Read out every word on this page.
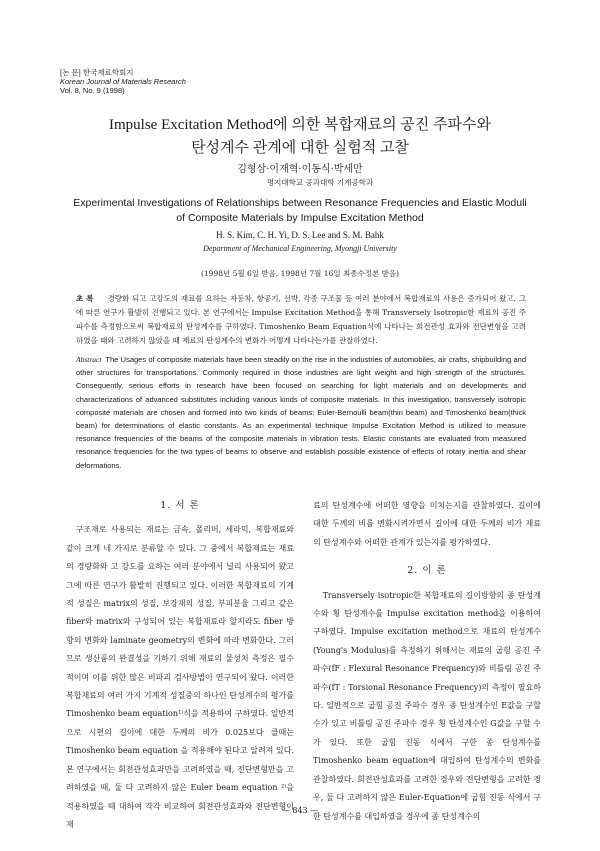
[논 문] 한국재료학회지
Korean Journal of Materials Research
Vol. 8, No. 9 (1998)
Impulse Excitation Method에 의한 복합재료의 공진 주파수와
탄성계수 관계에 대한 실험적 고찰
김형삼·이재혁·이동식·박세만
명지대학교 공과대학 기계공학과
Experimental Investigations of Relationships between Resonance Frequencies and Elastic Moduli
of Composite Materials by Impulse Excitation Method
H. S. Kim, C. H. Yi, D. S. Lee and S. M. Bahk
Department of Mechanical Engineering, Myongji University
(1998년 5월 6일 받음, 1998년 7월 16일 최종수정본 받음)
초 록 경량화 되고 고강도의 재료를 요하는 자동차, 항공기, 선박, 각종 구조물 등 여러 분야에서 복합재료의 사용은 증가되어 왔고, 그에 따른 연구가 활발히 진행되고 있다. 본 연구에서는 Impulse Excitation Method을 통해 Transversely Isotropic한 재료의 공진 주파수를 측정함으로써 복합재료의 탄성계수를 구하였다. Timoshenko Beam Equation식에 나타나는 회전관성 효과와 전단변형을 고려하였을 때와 고려하지 않았을 때 재료의 탄성계수의 변화가 어떻게 나타나는가를 관찰하였다.
Abstract The Usages of composite materials have been steadily on the rise in the industries of automobiles, air crafts, shipbuilding and other structures for transportations. Commonly required in those industries are light weight and high strength of the structures. Consequently, serious efforts in research have been focused on searching for light materials and on developments and characterizations of advanced substitutes including various kinds of composite materials. In this investigation, transversely isotropic composite materials are chosen and formed into two kinds of beams; Euler-Bernoulli beam(thin beam) and Timoshenko beam(thick beam) for determinations of elastic constants. As an experimental technique Impulse Excitation Method is utilized to measure resonance frequencies of the beams of the composite materials in vibration tests. Elastic constants are evaluated from measured resonance frequencies for the two types of beams to observe and establish possible existence of effects of rotary inertia and shear deformations.
1. 서 론

구조재로 사용되는 재료는 금속, 폴리머, 세라믹, 복합재료와 같이 크게 네 가지로 분류할 수 있다. 그 중에서 복합재료는 재료의 경량화와 고 강도를 요하는 여러 분야에서 널리 사용되어 왔고 그에 따른 연구가 활발히 진행되고 있다. 이러한 복합재료의 기계적 성질은 matrix의 성질, 보강재의 성질, 부피분율 그리고 같은 fiber와 matrix와 구성되어 있는 복합재료라 할지라도 fiber 방향의 변화와 laminate geometry의 변화에 따라 변화한다. 그러므로 생산품의 완결성을 기하기 위해 재료의 물성치 측정은 필수적이며 이를 위한 많은 비파괴 검사방법이 연구되어 왔다. 이러한 복합재료의 여러 가지 기계적 성질중의 하나인 탄성계수의 평가를 Timoshenko beam equation¹⁾식을 적용하여 구하였다. 일반적으로 시편의 길이에 대한 두께의 비가 0.025보다 클때는 Timoshenko beam equation 을 적용해야 된다고 알려져 있다. 본 연구에서는 회전관성효과만을 고려하였을 때, 전단변형만을 고려하였을 때, 둘 다 고려하지 않은 Euler beam equation ²⁾을 적용하였을 때 대하여 각각 비교하여 회전관성효과와 전단변형이 재

료의 탄성계수에 어떠한 영향을 미치는지를 관찰하였다. 길이에 대한 두께의 비를 변화시켜가면서 길이에 대한 두께의 비가 재료의 탄성계수와 어떠한 관계가 있는지를 평가하였다.

2. 이 론

Transversely isotropic한 복합재료의 길이방향의 종 탄성계수와 횡 탄성계수를 Impulse excitation method을 이용하여 구하였다. Impulse excitation method으로 재료의 탄성계수(Young's Modulus)를 측정하기 위해서는 재료의 굽힘 공진 주파수(fF : Flexural Resonance Frequency)와 비틀림 공진 주파수(fT : Torsional Resonance Frequency)의 측정이 필요하다. 일반적으로 굽힘 공진 주파수 경우 종 탄성계수인 E값을 구할 수가 있고 비틀림 공진 주파수 경우 횡 탄성계수인 G값을 구할 수가 있다. 또한 굽힘 진동 식에서 구한 종 탄성계수를 Timoshenko beam equation에 대입하여 탄성계수의 변화를 관찰하였다. 회전관성효과를 고려한 경우와 전단변형을 고려한 경우, 둘 다 고려하지 않은 Euler-Equation에 굽힘 진동 식에서 구한 탄성계수를 대입하였을 경우에 종 탄성계수의

— 843 —
